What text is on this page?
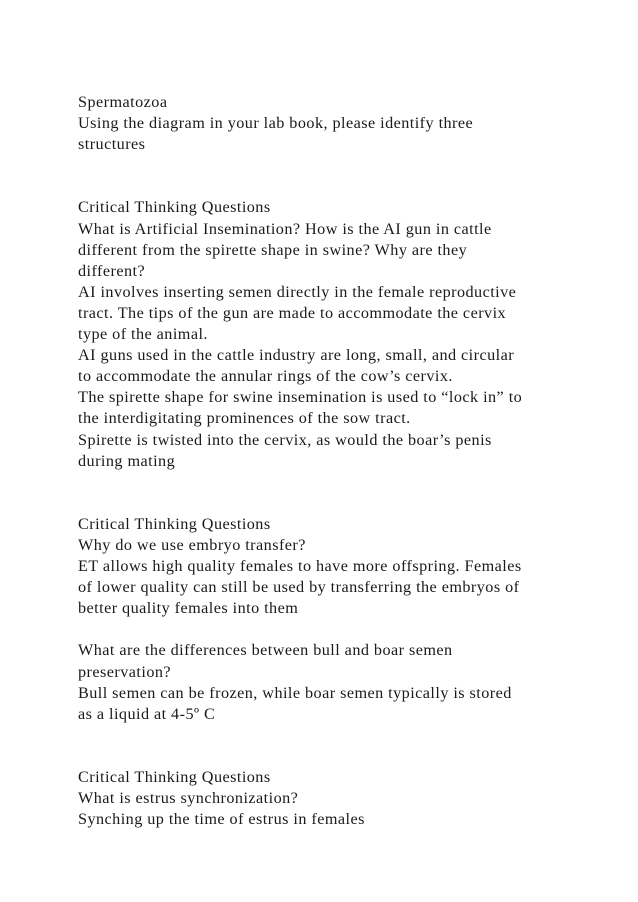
Spermatozoa
Using the diagram in your lab book, please identify three
structures
Critical Thinking Questions
What is Artificial Insemination? How is the AI gun in cattle
different from the spirette shape in swine? Why are they
different?
AI involves inserting semen directly in the female reproductive
tract. The tips of the gun are made to accommodate the cervix
type of the animal.
AI guns used in the cattle industry are long, small, and circular
to accommodate the annular rings of the cow’s cervix.
The spirette shape for swine insemination is used to “lock in” to
the interdigitating prominences of the sow tract.
Spirette is twisted into the cervix, as would the boar’s penis
during mating
Critical Thinking Questions
Why do we use embryo transfer?
ET allows high quality females to have more offspring. Females
of lower quality can still be used by transferring the embryos of
better quality females into them
What are the differences between bull and boar semen
preservation?
Bull semen can be frozen, while boar semen typically is stored
as a liquid at 4-5º C
Critical Thinking Questions
What is estrus synchronization?
Synching up the time of estrus in females
